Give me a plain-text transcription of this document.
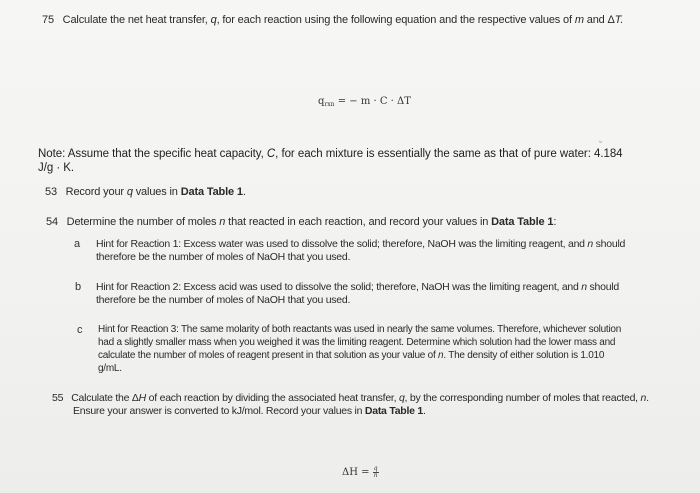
75 Calculate the net heat transfer, q, for each reaction using the following equation and the respective values of m and ΔT.
$q_{rxn}$ = − m · C · ΔT
ˇ
Note: Assume that the specific heat capacity, C, for each mixture is essentially the same as that of pure water: 4.184
J/g · K.
53 Record your q values in Data Table 1.
54 Determine the number of moles n that reacted in each reaction, and record your values in Data Table 1:
a Hint for Reaction 1: Excess water was used to dissolve the solid; therefore, NaOH was the limiting reagent, and n should
therefore be the number of moles of NaOH that you used.
b Hint for Reaction 2: Excess acid was used to dissolve the solid; therefore, NaOH was the limiting reagent, and n should
therefore be the number of moles of NaOH that you used.
c Hint for Reaction 3: The same molarity of both reactants was used in nearly the same volumes. Therefore, whichever solution
had a slightly smaller mass when you weighed it was the limiting reagent. Determine which solution had the lower mass and
calculate the number of moles of reagent present in that solution as your value of n. The density of either solution is 1.010
g/mL.
55 Calculate the ΔH of each reaction by dividing the associated heat transfer, q, by the corresponding number of moles that reacted, n.
Ensure your answer is converted to kJ/mol. Record your values in Data Table 1.
$\Delta H = \frac{q}{n}$
